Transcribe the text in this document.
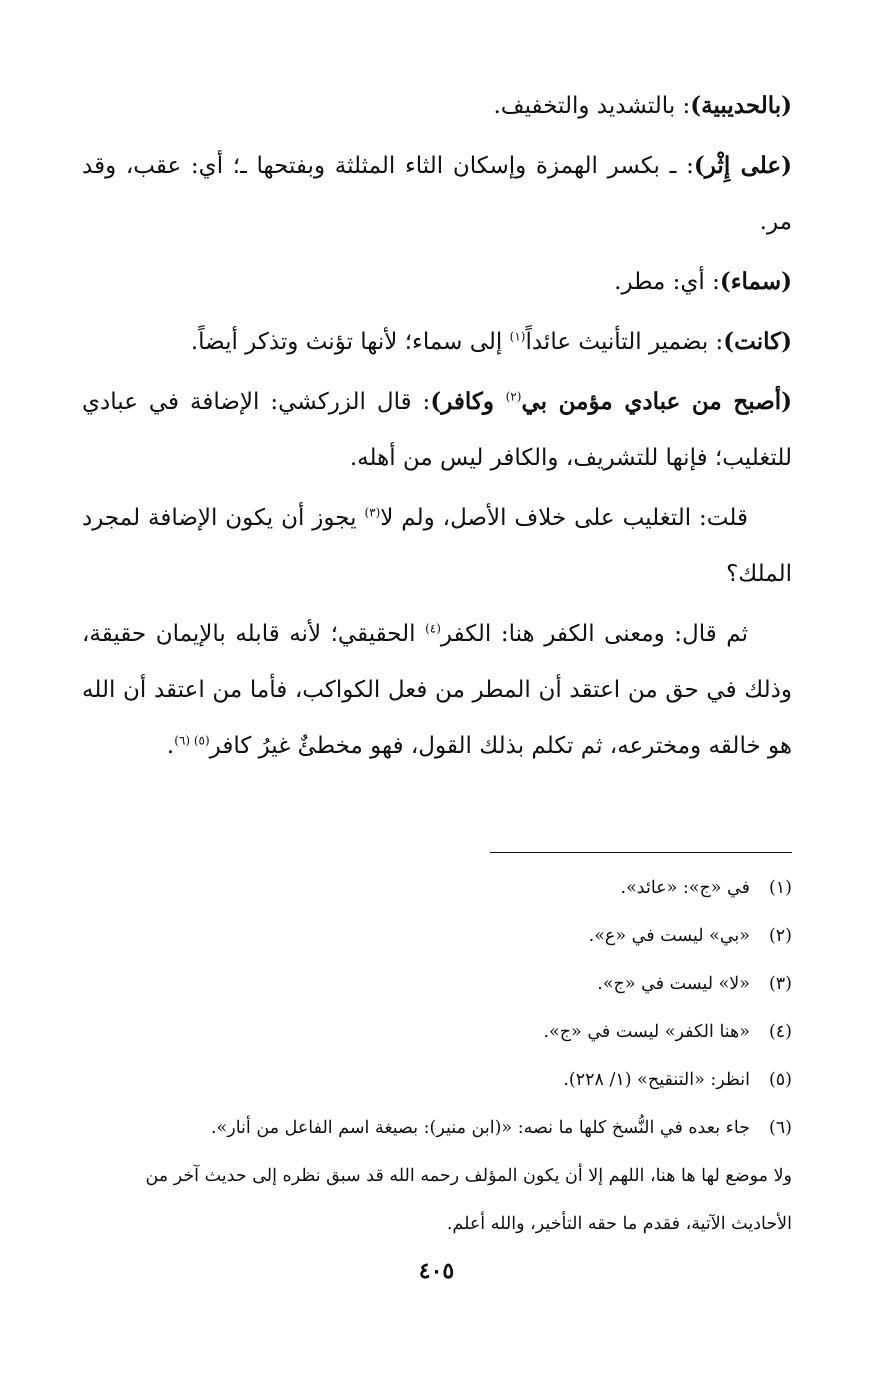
(بالحديبية): بالتشديد والتخفيف.

(على إِثْر): ـ بكسر الهمزة وإسكان الثاء المثلثة وبفتحها ـ؛ أي: عقب، وقد مر.

(سماء): أي: مطر.

(كانت): بضمير التأنيث عائداً$^{(١)}$ إلى سماء؛ لأنها تؤنث وتذكر أيضاً.

(أصبح من عبادي مؤمن بي$^{(٢)}$ وكافر): قال الزركشي: الإضافة في عبادي للتغليب؛ فإنها للتشريف، والكافر ليس من أهله.

قلت: التغليب على خلاف الأصل، ولم لا$^{(٣)}$ يجوز أن يكون الإضافة لمجرد الملك؟

ثم قال: ومعنى الكفر هنا: الكفر$^{(٤)}$ الحقيقي؛ لأنه قابله بالإيمان حقيقة، وذلك في حق من اعتقد أن المطر من فعل الكواكب، فأما من اعتقد أن الله هو خالقه ومخترعه، ثم تكلم بذلك القول، فهو مخطئٌ غيرُ كافر$^{(٥) (٦)}$.

(١)
في «ج»: «عائد».
(٢)
«بي» ليست في «ع».
(٣)
«لا» ليست في «ج».
(٤)
«هنا الكفر» ليست في «ج».
(٥)
انظر: «التنقيح» (١/ ٢٢٨).
(٦)
جاء بعده في النُّسخ كلها ما نصه: «(ابن منير): بصيغة اسم الفاعل من أنار».
ولا موضع لها ها هنا، اللهم إلا أن يكون المؤلف رحمه الله قد سبق نظره إلى حديث آخر من الأحاديث الآتية، فقدم ما حقه التأخير، والله أعلم.
٤٠٥
